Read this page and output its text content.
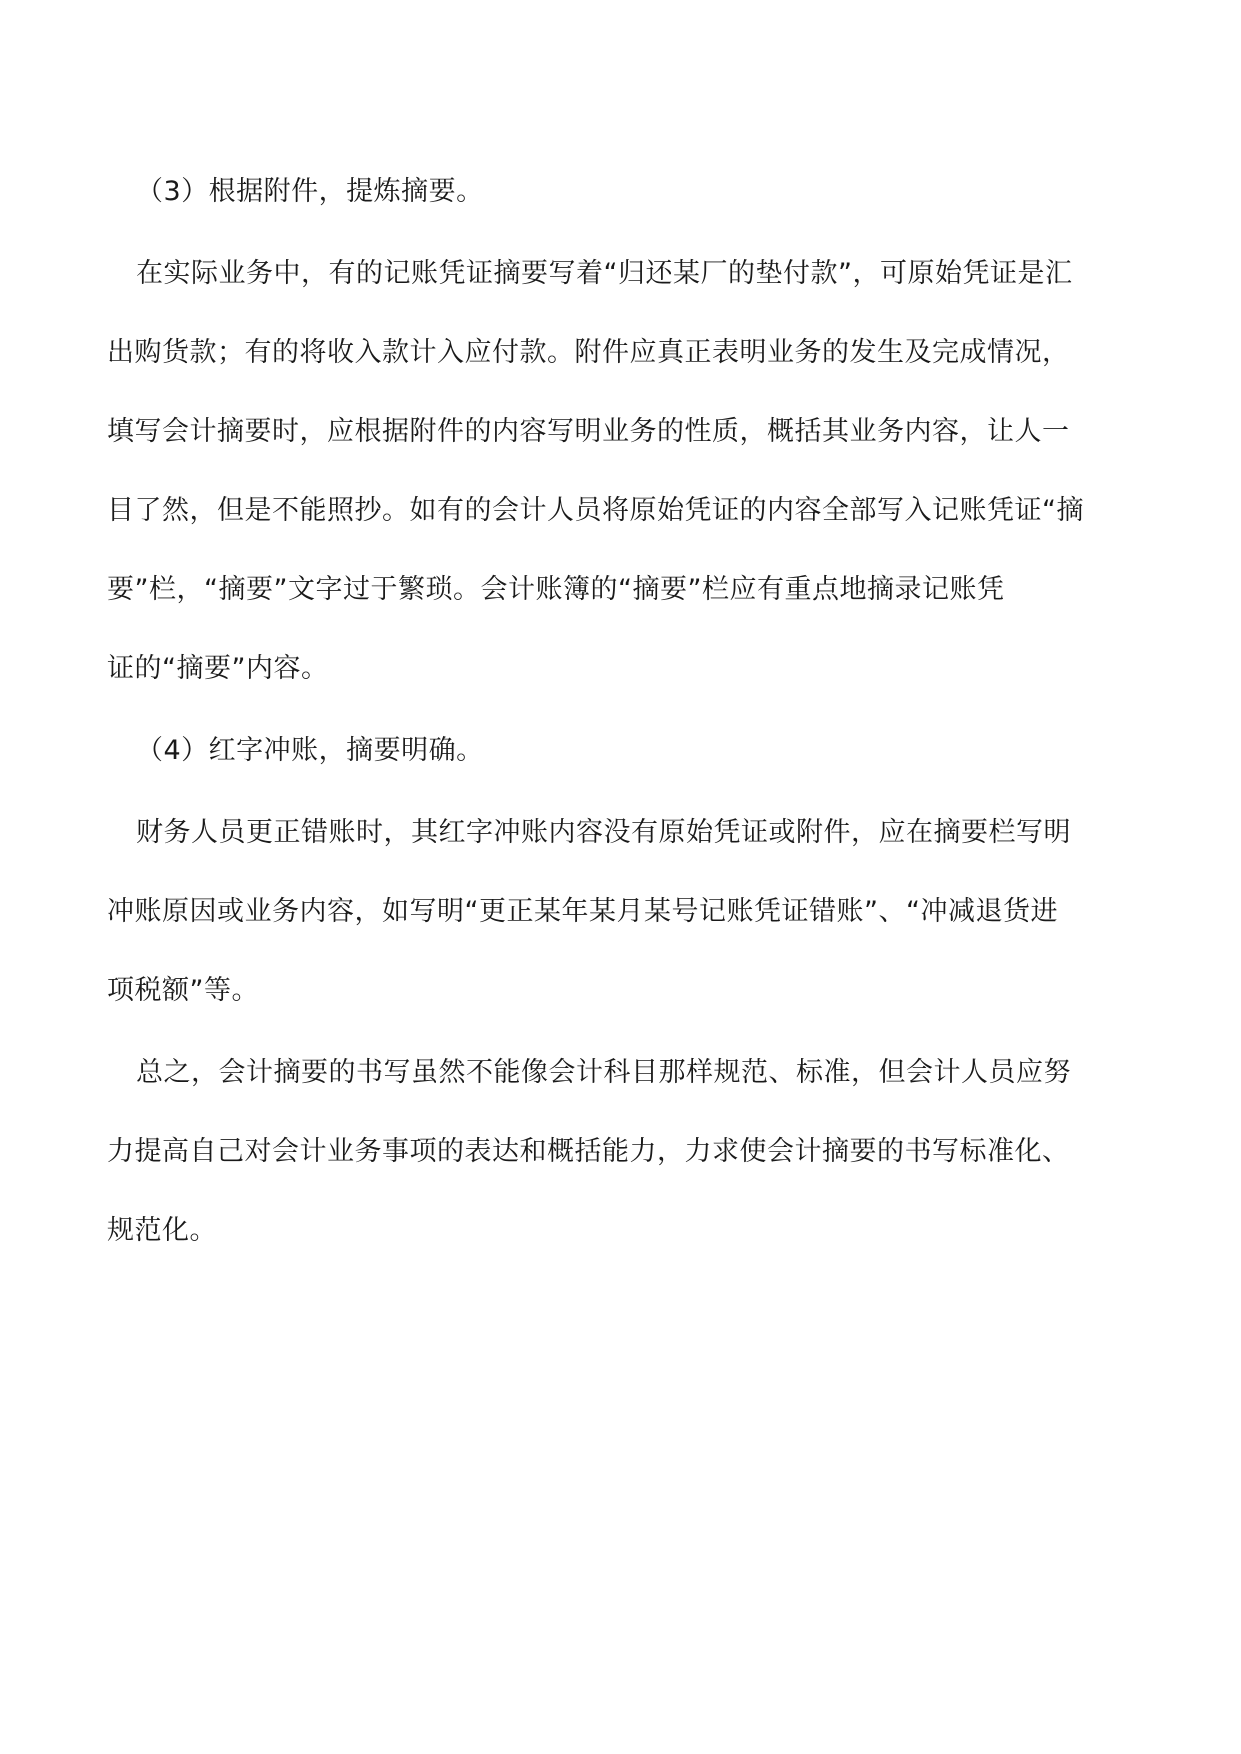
（3）根据附件，提炼摘要。

在实际业务中，有的记账凭证摘要写着“归还某厂的垫付款”，可原始凭证是汇

出购货款；有的将收入款计入应付款。附件应真正表明业务的发生及完成情况，

填写会计摘要时，应根据附件的内容写明业务的性质，概括其业务内容，让人一

目了然，但是不能照抄。如有的会计人员将原始凭证的内容全部写入记账凭证“摘

要”栏，“摘要”文字过于繁琐。会计账簿的“摘要”栏应有重点地摘录记账凭

证的“摘要”内容。

（4）红字冲账，摘要明确。

财务人员更正错账时，其红字冲账内容没有原始凭证或附件，应在摘要栏写明

冲账原因或业务内容，如写明“更正某年某月某号记账凭证错账”、“冲减退货进

项税额”等。

总之，会计摘要的书写虽然不能像会计科目那样规范、标准，但会计人员应努

力提高自己对会计业务事项的表达和概括能力，力求使会计摘要的书写标准化、

规范化。
